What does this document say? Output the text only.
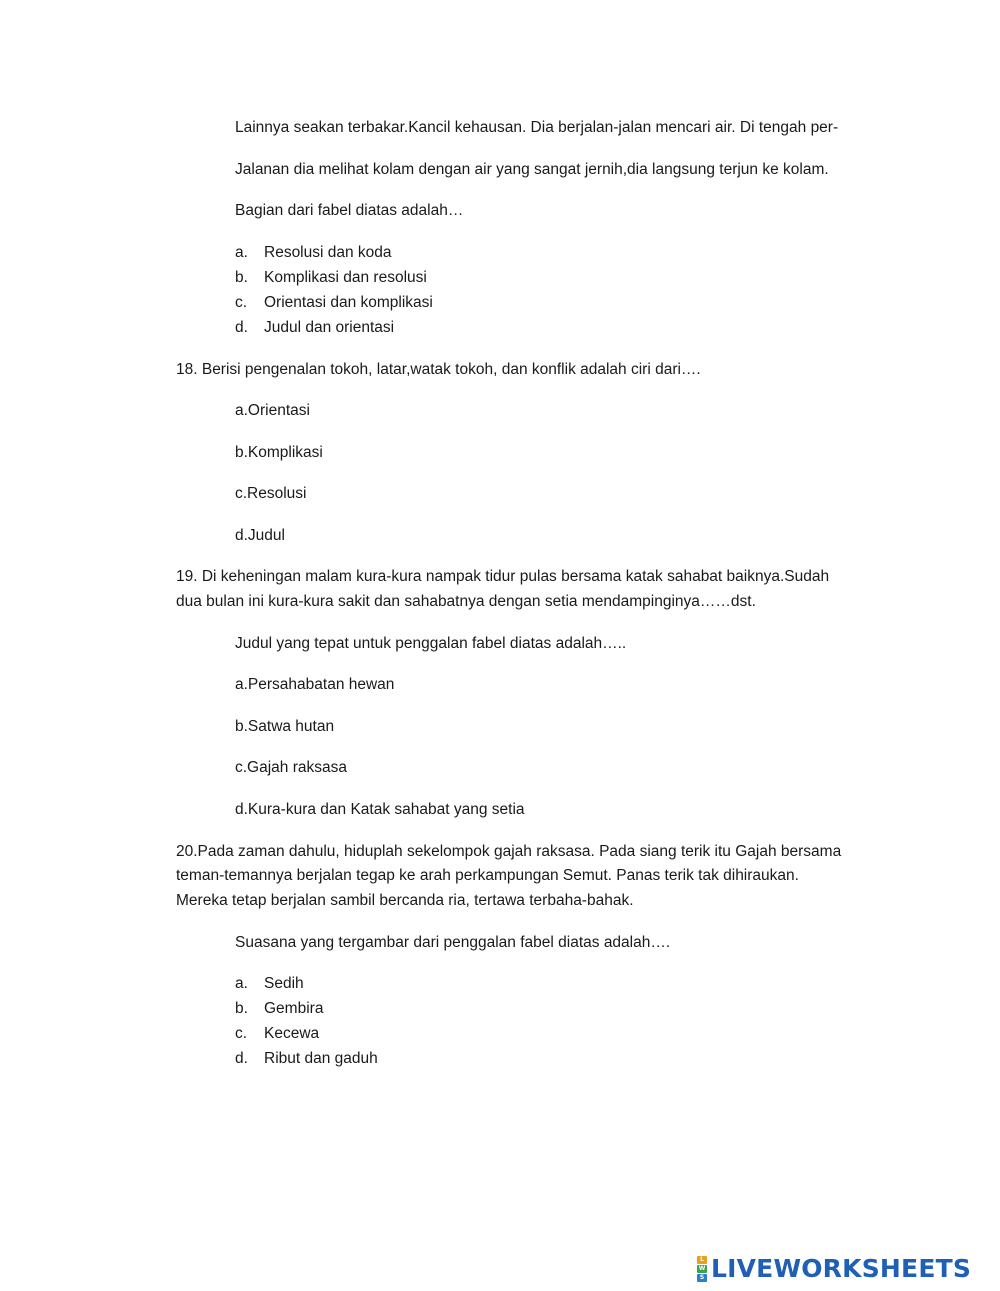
Lainnya seakan terbakar.Kancil kehausan. Dia berjalan-jalan mencari air. Di tengah per-
Jalanan dia melihat kolam dengan air yang sangat jernih,dia langsung terjun ke kolam.
Bagian dari fabel diatas adalah…
a. Resolusi dan koda
b. Komplikasi dan resolusi
c. Orientasi dan komplikasi
d. Judul dan orientasi
18. Berisi pengenalan tokoh, latar,watak tokoh, dan konflik adalah ciri dari….
a.Orientasi
b.Komplikasi
c.Resolusi
d.Judul
19. Di keheningan malam kura-kura nampak tidur pulas bersama katak sahabat baiknya.Sudah
dua bulan ini kura-kura sakit dan sahabatnya dengan setia mendampinginya……dst.
Judul yang tepat untuk penggalan fabel diatas adalah…..
a.Persahabatan hewan
b.Satwa hutan
c.Gajah raksasa
d.Kura-kura dan Katak sahabat yang setia
20.Pada zaman dahulu, hiduplah sekelompok gajah raksasa. Pada siang terik itu Gajah bersama
teman-temannya berjalan tegap ke arah perkampungan Semut. Panas terik tak dihiraukan.
Mereka tetap berjalan sambil bercanda ria, tertawa terbaha-bahak.
Suasana yang tergambar dari penggalan fabel diatas adalah….
a. Sedih
b. Gembira
c. Kecewa
d. Ribut dan gaduh
L
W
S LIVEWORKSHEETS
